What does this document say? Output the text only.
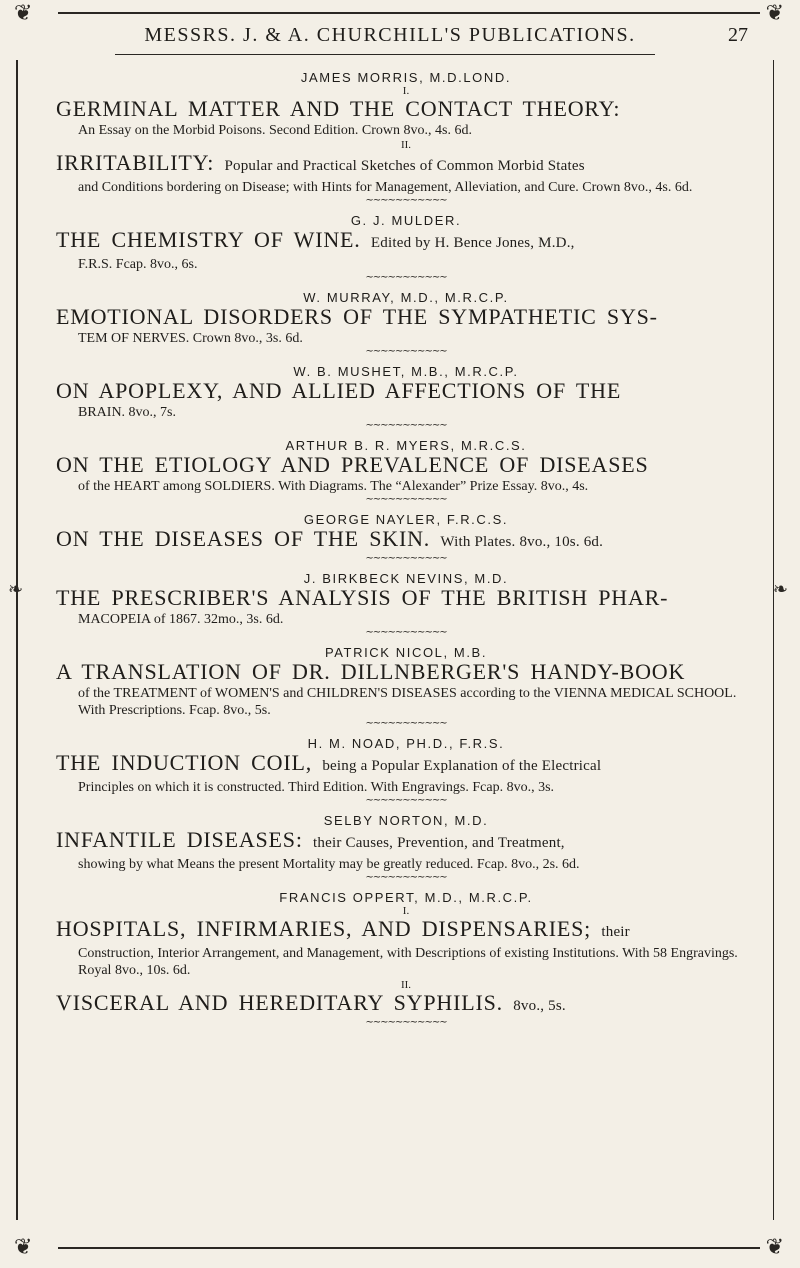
❦	❦
❦	❦
❧	❧
MESSRS. J. & A. CHURCHILL'S PUBLICATIONS.	27
JAMES MORRIS, M.D.LOND.
I.
GERMINAL MATTER AND THE CONTACT THEORY:
An Essay on the Morbid Poisons. Second Edition. Crown 8vo., 4s. 6d.
II.
IRRITABILITY: Popular and Practical Sketches of Common Morbid States
and Conditions bordering on Disease; with Hints for Management, Alleviation, and Cure. Crown 8vo., 4s. 6d.
∼∼∼∼∼∼∼∼∼∼∼
G. J. MULDER.
THE CHEMISTRY OF WINE. Edited by H. Bence Jones, M.D.,
F.R.S. Fcap. 8vo., 6s.
∼∼∼∼∼∼∼∼∼∼∼
W. MURRAY, M.D., M.R.C.P.
EMOTIONAL DISORDERS OF THE SYMPATHETIC SYS-
TEM OF NERVES. Crown 8vo., 3s. 6d.
∼∼∼∼∼∼∼∼∼∼∼
W. B. MUSHET, M.B., M.R.C.P.
ON APOPLEXY, AND ALLIED AFFECTIONS OF THE
BRAIN. 8vo., 7s.
∼∼∼∼∼∼∼∼∼∼∼
ARTHUR B. R. MYERS, M.R.C.S.
ON THE ETIOLOGY AND PREVALENCE OF DISEASES
of the HEART among SOLDIERS. With Diagrams. The “Alexander” Prize Essay. 8vo., 4s.
∼∼∼∼∼∼∼∼∼∼∼
GEORGE NAYLER, F.R.C.S.
ON THE DISEASES OF THE SKIN. With Plates. 8vo., 10s. 6d.
∼∼∼∼∼∼∼∼∼∼∼
J. BIRKBECK NEVINS, M.D.
THE PRESCRIBER'S ANALYSIS OF THE BRITISH PHAR-
MACOPEIA of 1867. 32mo., 3s. 6d.
∼∼∼∼∼∼∼∼∼∼∼
PATRICK NICOL, M.B.
A TRANSLATION OF DR. DILLNBERGER'S HANDY-BOOK
of the TREATMENT of WOMEN'S and CHILDREN'S DISEASES according to the VIENNA MEDICAL SCHOOL. With Prescriptions. Fcap. 8vo., 5s.
∼∼∼∼∼∼∼∼∼∼∼
H. M. NOAD, PH.D., F.R.S.
THE INDUCTION COIL, being a Popular Explanation of the Electrical
Principles on which it is constructed. Third Edition. With Engravings. Fcap. 8vo., 3s.
∼∼∼∼∼∼∼∼∼∼∼
SELBY NORTON, M.D.
INFANTILE DISEASES: their Causes, Prevention, and Treatment,
showing by what Means the present Mortality may be greatly reduced. Fcap. 8vo., 2s. 6d.
∼∼∼∼∼∼∼∼∼∼∼
FRANCIS OPPERT, M.D., M.R.C.P.
I.
HOSPITALS, INFIRMARIES, AND DISPENSARIES; their
Construction, Interior Arrangement, and Management, with Descriptions of existing Institutions. With 58 Engravings. Royal 8vo., 10s. 6d.
II.
VISCERAL AND HEREDITARY SYPHILIS. 8vo., 5s.
∼∼∼∼∼∼∼∼∼∼∼
